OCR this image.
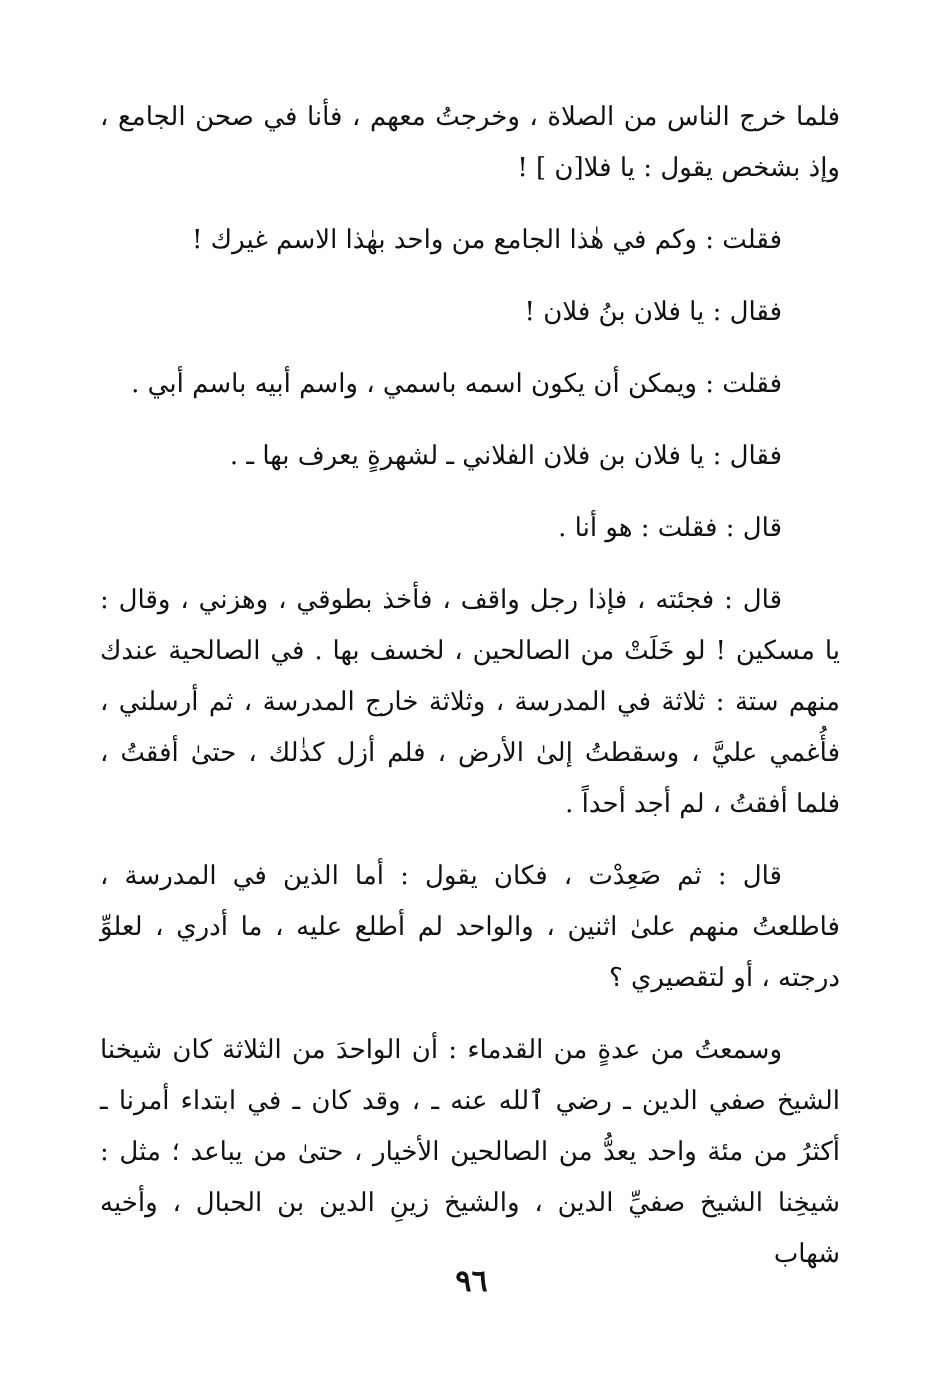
فلما خرج الناس من الصلاة ، وخرجتُ معهم ، فأنا في صحن الجامع ، وإذ بشخص يقول : يا فلا[ن ] !

فقلت : وكم في هٰذا الجامع من واحد بهٰذا الاسم غيرك !

فقال : يا فلان بنُ فلان !

فقلت : ويمكن أن يكون اسمه باسمي ، واسم أبيه باسم أبي .

فقال : يا فلان بن فلان الفلاني ـ لشهرةٍ يعرف بها ـ .

قال : فقلت : هو أنا .

قال : فجئته ، فإذا رجل واقف ، فأخذ بطوقي ، وهزني ، وقال : يا مسكين ! لو خَلَتْ من الصالحين ، لخسف بها . في الصالحية عندك منهم ستة : ثلاثة في المدرسة ، وثلاثة خارج المدرسة ، ثم أرسلني ، فأُغمي عليَّ ، وسقطتُ إلىٰ الأرض ، فلم أزل كذٰلك ، حتىٰ أفقتُ ، فلما أفقتُ ، لم أجد أحداً .

قال : ثم صَعِدْت ، فكان يقول : أما الذين في المدرسة ، فاطلعتُ منهم علىٰ اثنين ، والواحد لم أطلع عليه ، ما أدري ، لعلوِّ درجته ، أو لتقصيري ؟

وسمعتُ من عدةٍ من القدماء : أن الواحدَ من الثلاثة كان شيخنا الشيخ صفي الدين ـ رضي ٱلله عنه ـ ، وقد كان ـ في ابتداء أمرنا ـ أكثرُ من مئة واحد يعدُّ من الصالحين الأخيار ، حتىٰ من يباعد ؛ مثل : شيخِنا الشيخ صفيِّ الدين ، والشيخ زينِ الدين بن الحبال ، وأخيه شهاب

٩٦
